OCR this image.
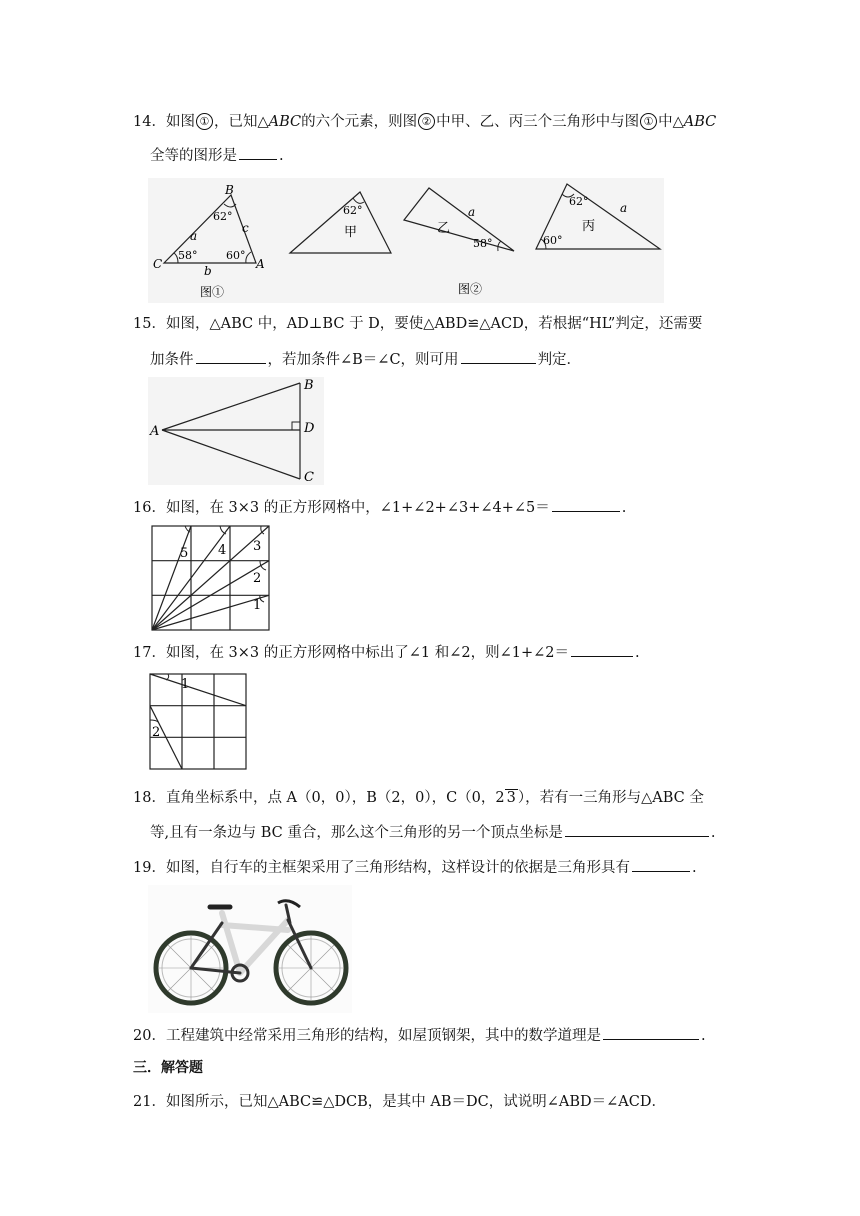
14．如图 ① ，已知△ABC的六个元素，则图 ② 中甲、乙、丙三个三角形中与图 ① 中△ABC
全等的图形是	.
B
62°
a
c
58°	60°
C	A
b
图①
62°
甲
a
乙
58°
图②
62°	a
丙
60°
15．如图，△ABC 中，AD⊥BC 于 D，要使△ABD≌△ACD，若根据“HL”判定，还需要
加条件	，若加条件∠B＝∠C，则可用	判定．
A
B
D
C
16．如图，在 3×3 的正方形网格中，∠1+∠2+∠3+∠4+∠5＝	.
1
2
3
4
5
17．如图，在 3×3 的正方形网格中标出了∠1 和∠2，则∠1+∠2＝	.
1
2
18．直角坐标系中，点 A（0，0），B（2，0），C（0，2 3 ），若有一三角形与△ABC 全
等,且有一条边与 BC 重合，那么这个三角形的另一个顶点坐标是	.
19．如图，自行车的主框架采用了三角形结构，这样设计的依据是三角形具有	.
20．工程建筑中经常采用三角形的结构，如屋顶钢架，其中的数学道理是	.
三．解答题
21．如图所示，已知△ABC≌△DCB，是其中 AB＝DC，试说明∠ABD＝∠ACD．
